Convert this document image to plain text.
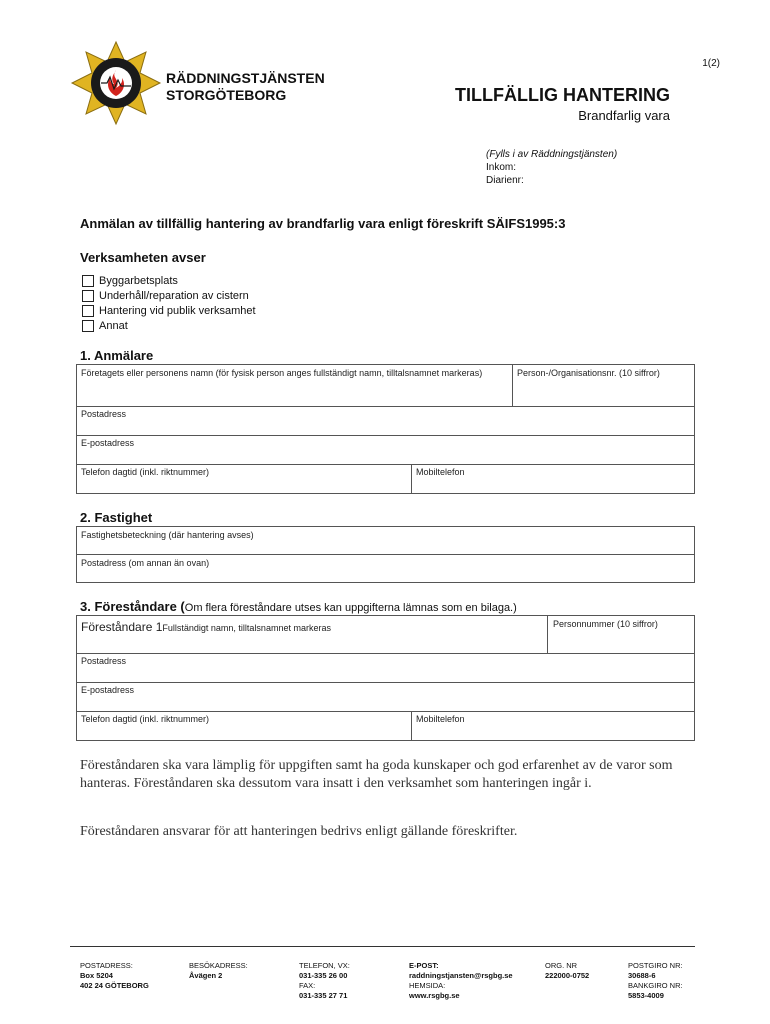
1(2)
RÄDDNINGSTJÄNSTEN
STORGÖTEBORG	TILLFÄLLIG HANTERING
Brandfarlig vara
(Fylls i av Räddningstjänsten)
Inkom:
Diarienr:
Anmälan av tillfällig hantering av brandfarlig vara enligt föreskrift SÄIFS1995:3
Verksamheten avser
Byggarbetsplats
Underhåll/reparation av cistern
Hantering vid publik verksamhet
Annat
1. Anmälare
Företagets eller personens namn (för fysisk person anges fullständigt namn, tilltalsnamnet markeras)	Person-/Organisationsnr. (10 siffror)
Postadress
E-postadress
Telefon dagtid (inkl. riktnummer)	Mobiltelefon
2. Fastighet
Fastighetsbeteckning (där hantering avses)
Postadress (om annan än ovan)
3. Föreståndare (Om flera föreståndare utses kan uppgifterna lämnas som en bilaga.)
Föreståndare 1Fullständigt namn, tilltalsnamnet markeras	Personnummer (10 siffror)
Postadress
E-postadress
Telefon dagtid (inkl. riktnummer)	Mobiltelefon
Föreståndaren ska vara lämplig för uppgiften samt ha goda kunskaper och god erfarenhet av de varor som hanteras. Föreståndaren ska dessutom vara insatt i den verksamhet som hanteringen ingår i.
Föreståndaren ansvarar för att hanteringen bedrivs enligt gällande föreskrifter.
POSTADRESS:
Box 5204
402 24 GÖTEBORG
BESÖKADRESS:
Åvägen 2
TELEFON, VX:
031-335 26 00
FAX:
031-335 27 71
E-POST:
raddningstjansten@rsgbg.se
HEMSIDA:
www.rsgbg.se
ORG. NR
222000-0752
POSTGIRO NR:
30688-6
BANKGIRO NR:
5853-4009
